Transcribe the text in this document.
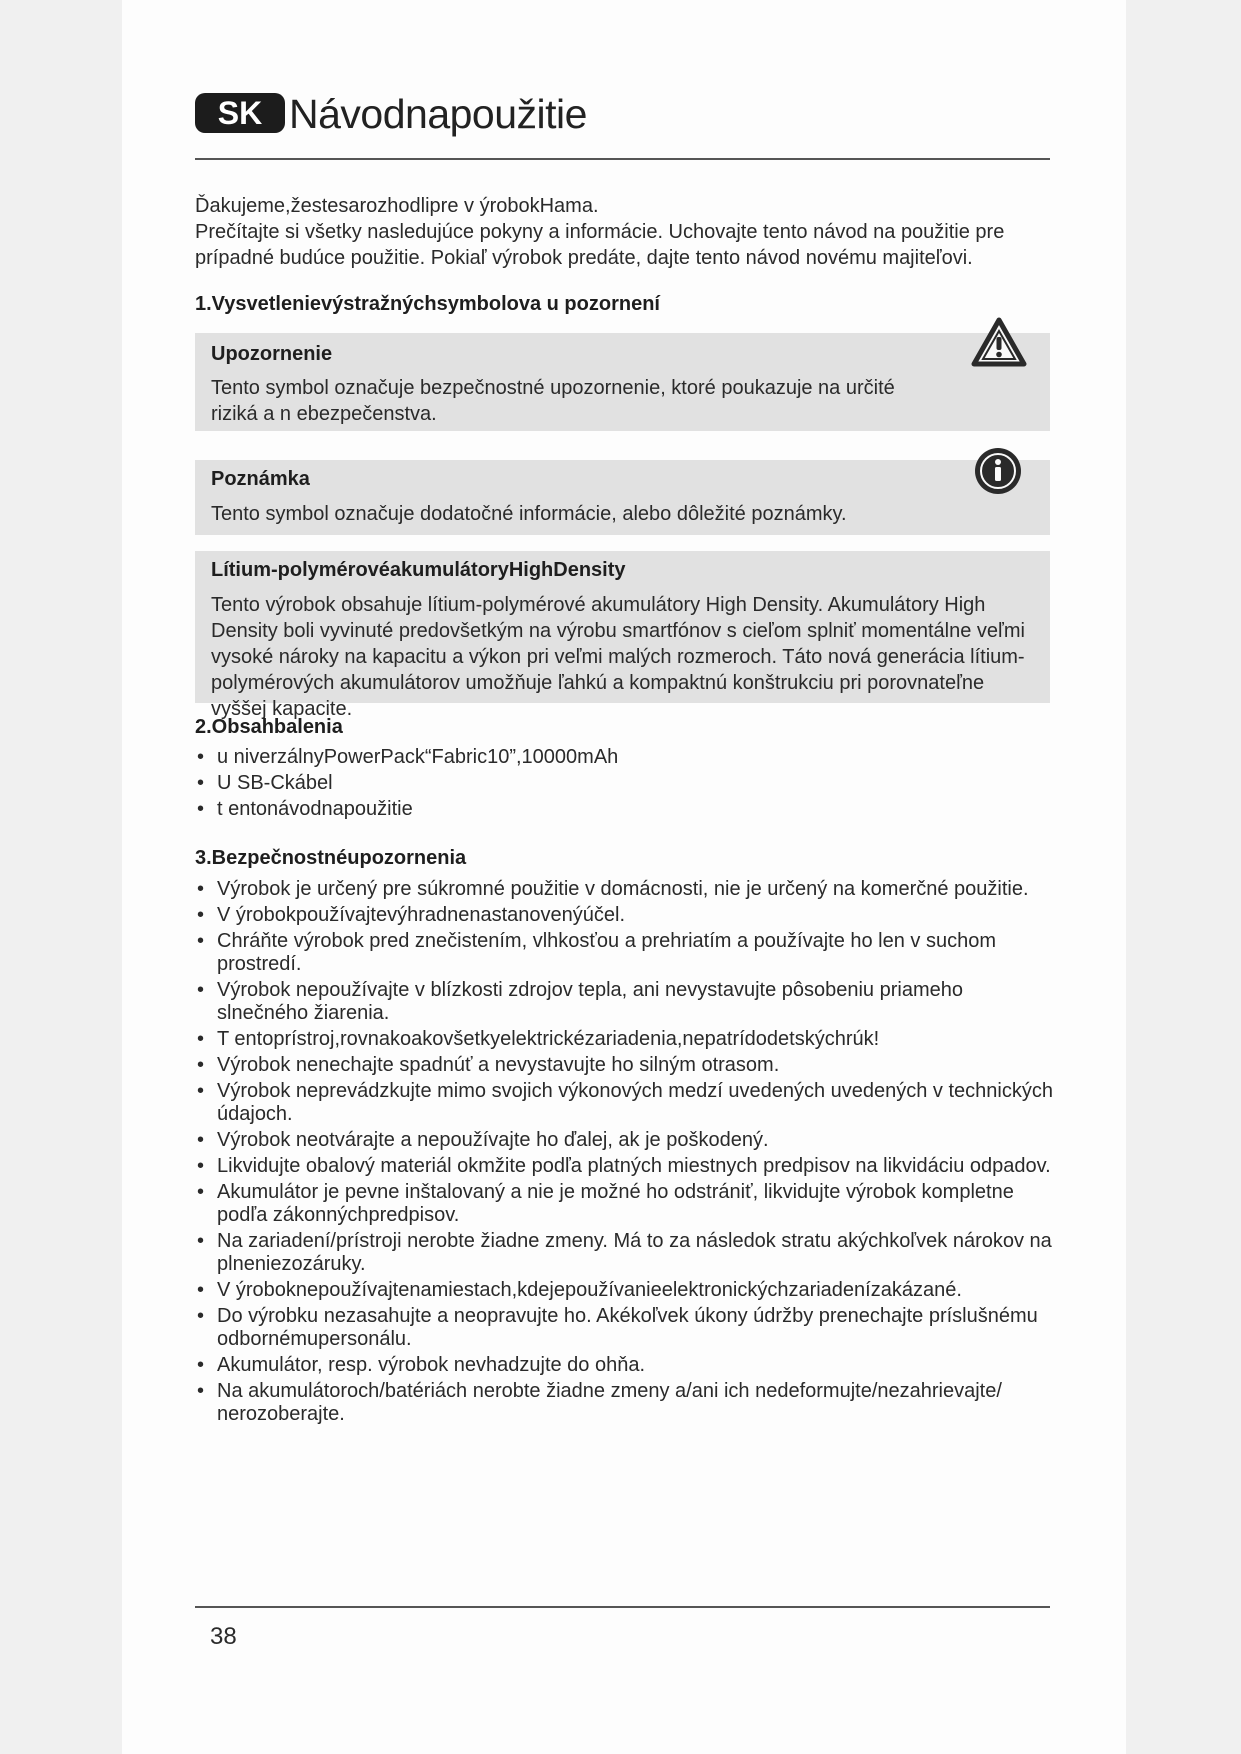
SK Návodnapoužitie
Ďakujeme,žestesarozhodlipre v ýrobokHama.
Prečítajte si všetky nasledujúce pokyny a informácie. Uchovajte tento návod na použitie pre prípadné budúce použitie. Pokiaľ výrobok predáte, dajte tento návod novému majiteľovi.
1.Vysvetlenievýstražnýchsymbolova u pozornení
Upozornenie
Tento symbol označuje bezpečnostné upozornenie, ktoré poukazuje na určité riziká a n ebezpečenstva.
Poznámka
Tento symbol označuje dodatočné informácie, alebo dôležité poznámky.
Lítium-polymérovéakumulátoryHighDensity
Tento výrobok obsahuje lítium-polymérové akumulátory High Density. Akumulátory High Density boli vyvinuté predovšetkým na výrobu smartfónov s cieľom splniť momentálne veľmi vysoké nároky na kapacitu a výkon pri veľmi malých rozmeroch. Táto nová generácia lítium-polymérových akumulátorov umožňuje ľahkú a kompaktnú konštrukciu pri porovnateľne vyššej kapacite.
2.Obsahbalenia
• u niverzálnyPowerPack“Fabric10”,10000mAh
• U SB-Ckábel
• t entonávodnapoužitie
3.Bezpečnostnéupozornenia
• Výrobok je určený pre súkromné použitie v domácnosti, nie je určený na komerčné použitie.
• V ýrobokpoužívajtevýhradnenastanovenýúčel.
• Chráňte výrobok pred znečistením, vlhkosťou a prehriatím a používajte ho len v suchom prostredí.
• Výrobok nepoužívajte v blízkosti zdrojov tepla, ani nevystavujte pôsobeniu priameho slnečného žiarenia.
• T entoprístroj,rovnakoakovšetkyelektrickézariadenia,nepatrídodetskýchrúk!
• Výrobok nenechajte spadnúť a nevystavujte ho silným otrasom.
• Výrobok neprevádzkujte mimo svojich výkonových medzí uvedených uvedených v technických údajoch.
• Výrobok neotvárajte a nepoužívajte ho ďalej, ak je poškodený.
• Likvidujte obalový materiál okmžite podľa platných miestnych predpisov na likvidáciu odpadov.
• Akumulátor je pevne inštalovaný a nie je možné ho odstrániť, likvidujte výrobok kompletne podľa zákonnýchpredpisov.
• Na zariadení/prístroji nerobte žiadne zmeny. Má to za následok stratu akýchkoľvek nárokov na plneniezozáruky.
• V ýrobokneрoužívajtenamiestach,kdejepoužívanieelektronickýchzariadenízakázané.
• Do výrobku nezasahujte a neopravujte ho. Akékoľvek úkony údržby prenechajte príslušnému odbornémupersonálu.
• Akumulátor, resp. výrobok nevhadzujte do ohňa.
• Na akumulátoroch/batériách nerobte žiadne zmeny a/ani ich nedeformujte/nezahrievajte/ nerozoberajte.
38
